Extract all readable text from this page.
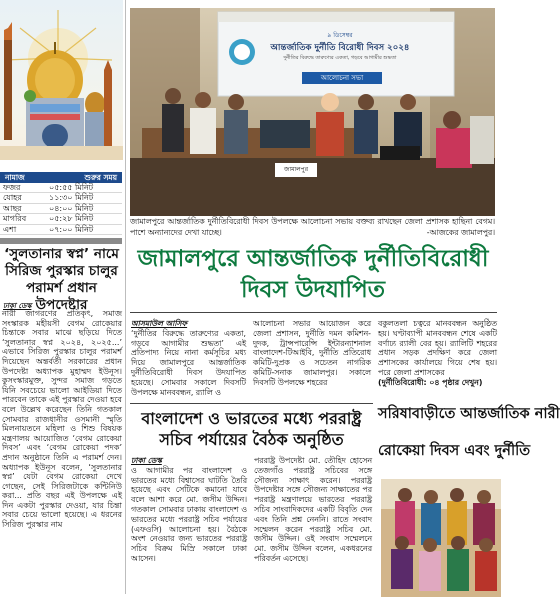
নামাজ	শুরুর সময়
ফজর	০৫:৫৫ মিনিট
যোহর	১১:৩০ মিনিট
আছর	০৪:০০ মিনিট
মাগরিব	০৫:২৮ মিনিট
এশা	০৭:০০ মিনিট
‘সুলতানার স্বপ্ন’ নামে সিরিজ পুরস্কার চালুর পরামর্শ প্রধান উপদেষ্টার
ঢাকা ডেস্ক
নারী জাগরণের প্রতিকৃৎ, সমাজ সংস্কারক মহীয়সী বেগম রোকেয়ার চিন্তাকে সবার মাঝে ছড়িয়ে দিতে ‘সুলতানার স্বপ্ন ২০২৪, ২০২৫...’ এভাবে সিরিজ পুরস্কার চালুর পরামর্শ দিয়েছেন অন্তর্বর্তী সরকারের প্রধান উপদেষ্টা অধ্যাপক মুহাম্মদ ইউনূস। কুসংস্কারমুক্ত, সুন্দর সমাজ গড়তে যিনি সবচেয়ে ভালো আইডিয়া দিতে পারবেন তাকে এই পুরস্কার দেওয়া হবে বলে উল্লেখ করেছেন তিনি গতকাল সোমবার রাজধানীর ওসমানী স্মৃতি মিলনায়তনে মহিলা ও শিশু বিষয়ক মন্ত্রণালয় আয়োজিত ‘বেগম রোকেয়া দিবস’ এবং ‘বেগম রোকেয়া পদক’ প্রদান অনুষ্ঠানে তিনি এ পরামর্শ দেন। অধ্যাপক ইউনূস বলেন, ‘সুলতানার স্বপ্ন’ যেটা বেগম রোকেয়া দেখে গেছেন, সেই সিরিজটাকে কন্টিনিউ করা... প্রতি বছর এই উপলক্ষে এই দিন একটা পুরস্কার দেওয়া, যার চিন্তা সবার চেয়ে ভালো হয়েছে। এ ধরনের সিরিজ পুরস্কার নাম
৯ ডিসেম্বর
আন্তর্জাতিক দুর্নীতি বিরোধী দিবস ২০২৪
দুর্নীতির বিরুদ্ধে তারুণ্যের একতা, গড়বে আগামীর শুদ্ধতা
আলোচনা সভা
জামালপুর
জামালপুরে আন্তর্জাতিক দুর্নীতিবিরোধী দিবস উপলক্ষে আলোচনা সভায় বক্তব্য রাখছেন জেলা প্রশাসক হাছিনা বেগম। পাশে অন্যান্যদের দেখা যাচ্ছে।	-আজকের জামালপুর।
জামালপুরে আন্তর্জাতিক দুর্নীতিবিরোধী দিবস উদযাপিত
আসমাউল আসিফ
‘দুর্নীতির বিরুদ্ধে তারুণ্যের একতা, গড়বে আগামীর শুদ্ধতা’ এই প্রতিপাদ্য নিয়ে নানা কর্মসূচির মধ্য দিয়ে জামালপুরে আন্তর্জাতিক দুর্নীতিবিরোধী দিবস উদযাপিত হয়েছে। সোমবার সকালে দিবসটি উপলক্ষে মানববন্ধন, র‍্যালি ও
আলোচনা সভার আয়োজন করে জেলা প্রশাসন, দুর্নীতি দমন কমিশন-দুদক, ট্রান্সপারেন্সি ইন্টারন্যাশনাল বাংলাদেশ-টিআইবি, দুর্নীতি প্রতিরোধ কমিটি-দুপ্রক ও সচেতন নাগরিক কমিটি-সনাক জামালপুর। সকালে দিবসটি উপলক্ষে শহরের
বকুলতলা চত্বরে মানববন্ধন অনুষ্ঠিত হয়। ঘণ্টাব্যাপী মানববন্ধন শেষে একটি বর্ণাঢ্য র‍্যালী বের হয়। র‍্যালিটি শহরের প্রধান সড়ক প্রদক্ষিণ করে জেলা প্রশাসকের কার্যালয়ে গিয়ে শেষ হয়। পরে জেলা প্রশাসকের
(দুর্নীতিবিরোধী: ০৪ পৃষ্ঠার দেখুন)
বাংলাদেশ ও ভারতের মধ্যে পররাষ্ট্র সচিব পর্যায়ের বৈঠক অনুষ্ঠিত
ঢাকা ডেস্ক
ও আগামীর পর বাংলাদেশ ও ভারতের মধ্যে বিশ্বাসের ঘাটতি তৈরি হয়েছে এবং সেটিকে কমানো যাবে বলে আশা করে মো. জসীম উদ্দিন। গতকাল সোমবার ঢাকায় বাংলাদেশ ও ভারতের মধ্যে পররাষ্ট্র সচিব পর্যায়ের (এফওসি) আলোচনা হয়। বৈঠকে অংশ নেওয়ার জন্য ভারতের পররাষ্ট্র সচিব বিক্রম মিস্রি সকালে ঢাকা আসেন।
পররাষ্ট্র উপদেষ্টা মো. তৌহিদ হোসেন তেজগাঁও পররাষ্ট্র সচিবের সঙ্গে সৌজন্য সাক্ষাৎ করেন। পররাষ্ট্র উপদেষ্টার সঙ্গে সৌজন্য সাক্ষাতের পর পররাষ্ট্র মন্ত্রণালয়ে ভারতের পররাষ্ট্র সচিব সাংবাদিকদের একটি বিবৃতি দেন এবং তিনি প্রশ্ন নেননি। রাতে সংবাদ সম্মেলন করেন পররাষ্ট্র সচিব মো. জসীম উদ্দিন। ওই সংবাদ সম্মেলনে মো. জসীম উদ্দিন বলেন, একধরনের পরিবর্তন এসেছে।
সরিষাবাড়ীতে আন্তর্জাতিক নারী
রোকেয়া দিবস এবং দুর্নীতি
